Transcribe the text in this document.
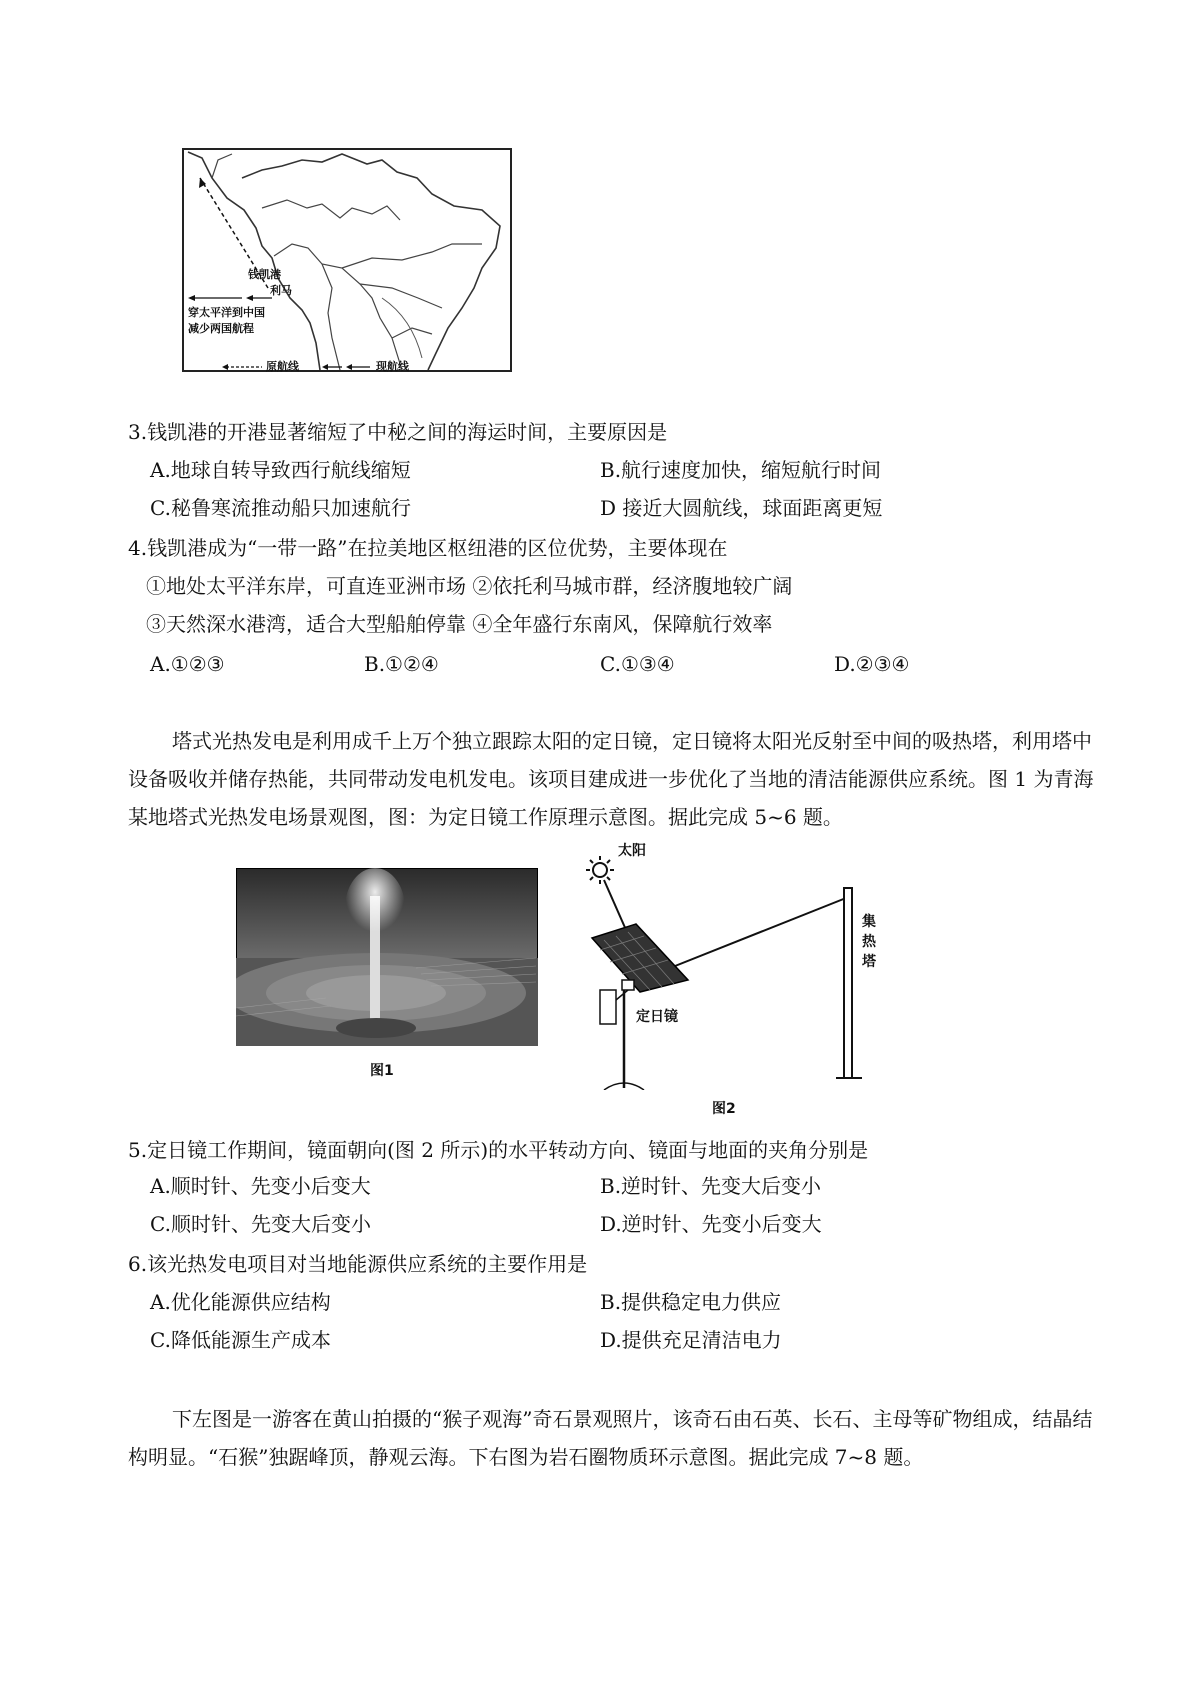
钱凯港
利马
穿太平洋到中国
减少两国航程
原航线	现航线
3.钱凯港的开港显著缩短了中秘之间的海运时间，主要原因是
A.地球自转导致西行航线缩短	B.航行速度加快，缩短航行时间
C.秘鲁寒流推动船只加速航行	D 接近大圆航线，球面距离更短
4.钱凯港成为“一带一路”在拉美地区枢纽港的区位优势，主要体现在
①地处太平洋东岸，可直连亚洲市场 ②依托利马城市群，经济腹地较广阔
③天然深水港湾，适合大型船舶停靠 ④全年盛行东南风，保障航行效率
A.①②③	B.①②④	C.①③④	D.②③④
塔式光热发电是利用成千上万个独立跟踪太阳的定日镜，定日镜将太阳光反射至中间的吸热塔，利用塔中设备吸收并储存热能，共同带动发电机发电。该项目建成进一步优化了当地的清洁能源供应系统。图 1 为青海某地塔式光热发电场景观图，图：为定日镜工作原理示意图。据此完成 5~6 题。
图1
太阳
集热塔
定日镜
图2
5.定日镜工作期间，镜面朝向(图 2 所示)的水平转动方向、镜面与地面的夹角分别是
A.顺时针、先变小后变大	B.逆时针、先变大后变小
C.顺时针、先变大后变小	D.逆时针、先变小后变大
6.该光热发电项目对当地能源供应系统的主要作用是
A.优化能源供应结构	B.提供稳定电力供应
C.降低能源生产成本	D.提供充足清洁电力
下左图是一游客在黄山拍摄的“猴子观海”奇石景观照片，该奇石由石英、长石、主母等矿物组成，结晶结构明显。“石猴”独踞峰顶，静观云海。下右图为岩石圈物质环示意图。据此完成 7~8 题。
